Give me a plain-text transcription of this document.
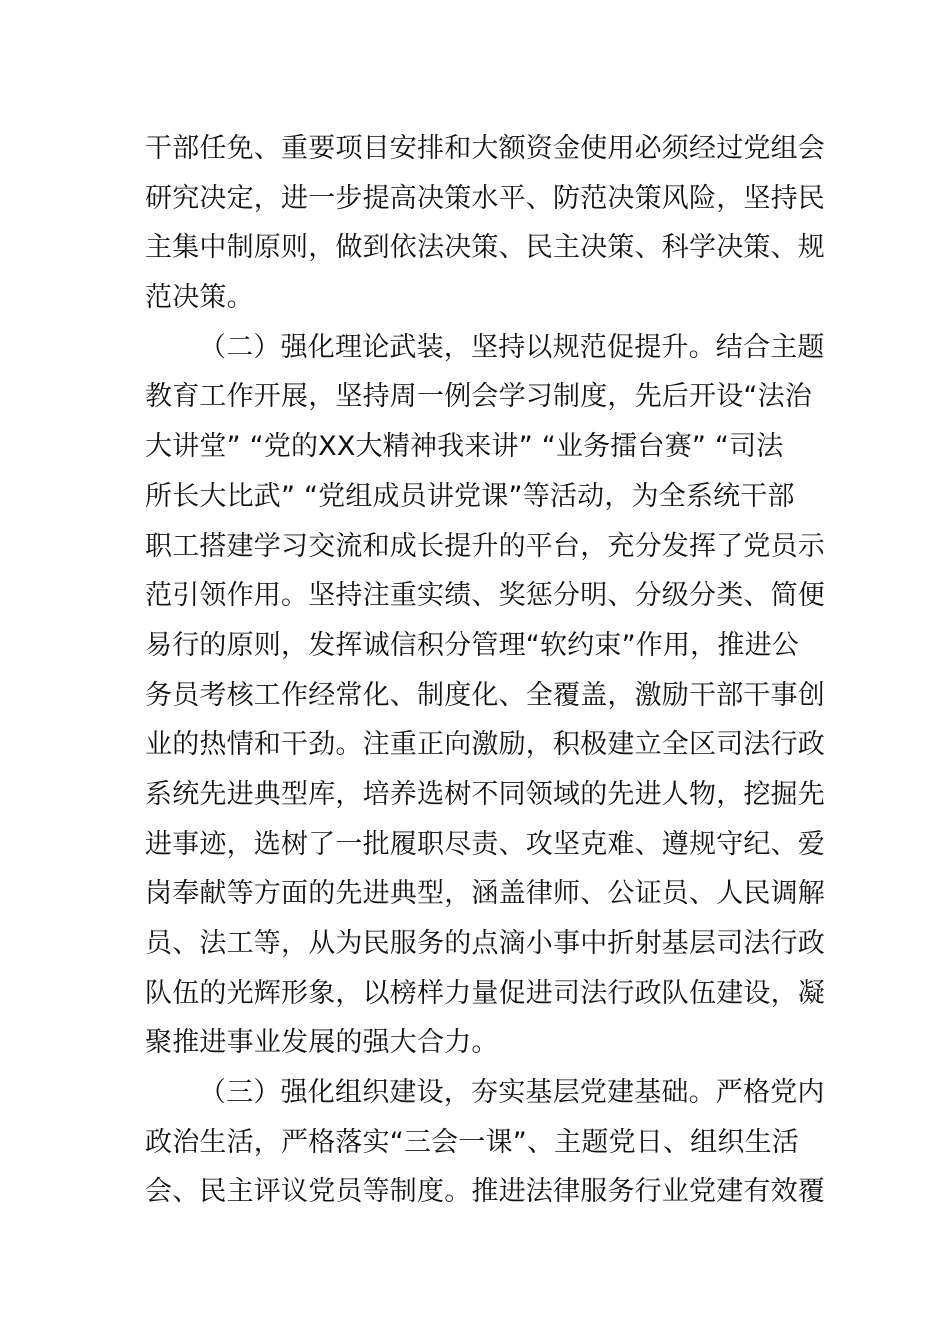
干部任免、重要项目安排和大额资金使用必须经过党组会
研究决定，进一步提高决策水平、防范决策风险，坚持民
主集中制原则，做到依法决策、民主决策、科学决策、规
范决策。
（二）强化理论武装，坚持以规范促提升。结合主题
教育工作开展，坚持周一例会学习制度，先后开设“法治
大讲堂” “党的XX大精神我来讲” “业务擂台赛” “司法
所长大比武” “党组成员讲党课”等活动，为全系统干部
职工搭建学习交流和成长提升的平台，充分发挥了党员示
范引领作用。坚持注重实绩、奖惩分明、分级分类、简便
易行的原则，发挥诚信积分管理“软约束”作用，推进公
务员考核工作经常化、制度化、全覆盖，激励干部干事创
业的热情和干劲。注重正向激励，积极建立全区司法行政
系统先进典型库，培养选树不同领域的先进人物，挖掘先
进事迹，选树了一批履职尽责、攻坚克难、遵规守纪、爱
岗奉献等方面的先进典型，涵盖律师、公证员、人民调解
员、法工等，从为民服务的点滴小事中折射基层司法行政
队伍的光辉形象，以榜样力量促进司法行政队伍建设，凝
聚推进事业发展的强大合力。
（三）强化组织建设，夯实基层党建基础。严格党内
政治生活，严格落实“三会一课”、主题党日、组织生活
会、民主评议党员等制度。推进法律服务行业党建有效覆
